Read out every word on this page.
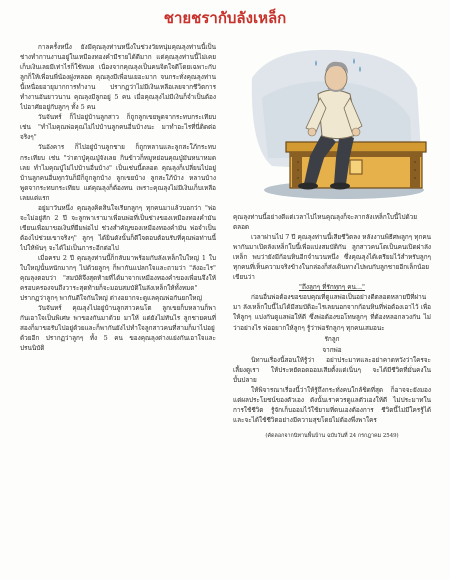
ชายชรากับลังเหล็ก

กาลครั้งหนึ่ง ยังมีคุณลุงท่านหนึ่งในช่วงวัยหนุ่มคุณลุงท่านนี้เป็นช่างทำกานงานอยู่ในเหมืองทองคำมีรายได้ดีมาก แต่คุณลุงท่านนี้ไม่เคยเก็บเงินเลยมีเท่าไรก็ใช้หมด เนื่องจากคุณลุงเป็นคนจิตใจดีโดยเฉพาะกับลูกก็ให้เพื่อนพี่น้องฝูงหลอด คุณลุงมีเพื่อนเยอะมาก จนกระทั่งคุณลุงท่านนี้เหนื่อยอายุมากการทำงาน ปรากฏว่าไม่มีเงินเหลือเลยจากชีวิตการทำงานอันยาวนาน คุณลุงมีลูกอยู่ 5 คน เมื่อคุณลุงไม่มีเงินก็จำเป็นต้องไปอาศัยอยู่กับลูกๆ ทั้ง 5 คน

วันจันทร์ ก็ไปอยู่บ้านลูกสาว ก็ถูกลูกเขยพูดจากระทบกระเทียบ เช่น "ทำไมคุณพ่อคุณไม่ไปบ้านลูกคนอื่นบ้างนะ มาทำอะไรที่นี่ติดต่อจริงๆ"

วันอังคาร ก็ไปอยู่บ้านลูกชาย ก็ถูกหลานและลูกสะใภ้กระทบกระเทียบ เช่น "ว่าตาปู่คุณปู่จังเลย กินข้าวก็หมูหย่อนคุณปู่มันหนาหมดเลย ทำไมคุณปู่ไม่ไปบ้านอื่นบ้าง" เป็นเช่นนี้ตลอด คุณลุงก็เปลี่ยนไปอยู่บ้านลูกคนอื่นทุกวันก็มีก็ถูกลูกบ้าง ลูกเขยบ้าง ลูกสะใภ้บ้าง หลานบ้าง พูดจากระทบกระเทียบ แต่คุณลุงก็ต้องทน เพราะคุณลุงไม่มีเงินเก็บเหลือเลยแต่แรก

อยู่มาวันหนึ่ง คุณลุงคิดสินใจเรียกลูกๆ ทุกคนมาแล้วบอกว่า "พ่อจะไม่อยู่สัก 2 ปี จะลูกพาเรามาเพื่อนพ่อที่เป็นช่างของเหมืองทองคำมันเขียนเพื่อมาขอเงินที่ยืมพ่อไป ช่วงสำคัญของเหมืองทองคำมัน พ่อจำเป็นต้องไปช่วยเขาจริงๆ" ลูกๆ ได้ยินดังนั้นก็ดีใจตอบต้อนรับที่คุณพ่อท่านนี้ไปให้พ้นๆ จะได้ไม่เป็นภาระอีกต่อไป

เมื่อครบ 2 ปี คุณลุงท่านนี้ก็กลับมาพร้อมกับลังเหล็กใบใหญ่ 1 ใบ ใบใหญ่นั้นหนักมากๆ ไปด้วยลูกๆ ก็พากันแปลกใจและถามว่า "ลังอะไร" คุณลุงตอบว่า "สมบัติจึงสุดท้ายที่ได้มาจากเหมืองทองคำของเพื่อนจึงให้ครอบครองจนถึงวาระสุดท้ายก็จะมอบสมบัติในลังเหล็กให้ทั้งหมด" ปรากฏว่าลูกๆ พากันดีใจกันใหญ่ ต่างอยากจะดูแลคุณพ่อกันยกใหญ่

วันจันทร์ คุณลุงไปอยู่บ้านลูกสาวคนโต ลูกเขยก็บหลานก็พากันเอาใจเป็นพิเศษ พาของกันมาด้วย มาให้ แต่ยังไม่ทันไร ลูกชายคนที่สองก็มาขอรับไปอยู่ด้วยและก็พากันยังไปทำใจลูกสาวคนที่สามก็มาไปอยู่ด้วยอีก ปรากฏว่าลูกๆ ทั้ง 5 คน ของคุณลุงต่างแย่งกันเอาใจและปรนนิบัติ

คุณลุงท่านนี้อย่างดีแต่เวลาไปไหนคุณลุงก็จะลากลังเหล็กใบนี้ไปด้วยตลอด

เวลาผ่านไป 7 ปี คุณลุงท่านนี้เสียชีวิตลง หลังงานพิธีศพลูกๆ ทุกคนพากันมาเปิดลังเหล็กใบนี้เพื่อแบ่งสมบัติกัน ลูกสาวคนโตเป็นคนเปิดฝาลังเหล็ก พบว่ายังมีก้อนหินอีกจำนวนหนึ่ง ซึ่งคุณลุงได้เตรียมไว้สำหรับลูกๆ ทุกคนที่เห็นความจริงข้างในกล่องก็ส่งเดินทางไปพบกับลูกชายอีกเล็กน้อย เขียนว่า

"ถึงลูกๆ ที่รักทุกๆ คน..."

ก่อนอื่นพ่อต้องขอขอบคุณที่ดูแลพ่อเป็นอย่างดีตลอดหลายปีที่ผ่านมา ลังเหล็กใบนี้ไม่ได้มีสมบัติอะไรเลยนอกจากก้อนหินที่พ่อต้องเอาไว้ เพื่อให้ลูกๆ แบ่งกันดูแลพ่อให้ดี ซึ่งพ่อต้องขอโทษลูกๆ ที่ต้องหลอกลวงกัน ไม่ว่าอย่างไร พ่ออยากให้ลูกๆ รู้ว่าพ่อรักลูกๆ ทุกคนเสมอนะ

รักลูก

จากพ่อ

นิทานเรื่องนี้สอนให้รู้ว่า อย่าประมาทและอย่าคาดหวังว่าใครจะเลี้ยงดูเรา ให้ประหยัดอดออมเสียตั้งแต่เนิ่นๆ จะได้มีชีวิตที่มั่นคงในบั้นปลาย

ให้พิจารณาเรื่องนี้ว่าให้รู้ถึงกระทั่งคนใกล้ชิดที่สุด ก็อาจจะยังมองแต่ผลประโยชน์ของตัวเอง ดังนั้นเราควรดูแลตัวเองให้ดี ไม่ประมาทในการใช้ชีวิต รู้จักเก็บออมไว้ใช้ยามที่ตนเองต้องการ ชีวิตนี้ไม่มีใครรู้ได้ และจะได้ใช้ชีวิตอย่างมีความสุขโดยไม่ต้องพึ่งพาใคร

(คัดลอกจากนิทานพื้นบ้าน ฉบับวันที่ 24 กรกฎาคม 2549)
